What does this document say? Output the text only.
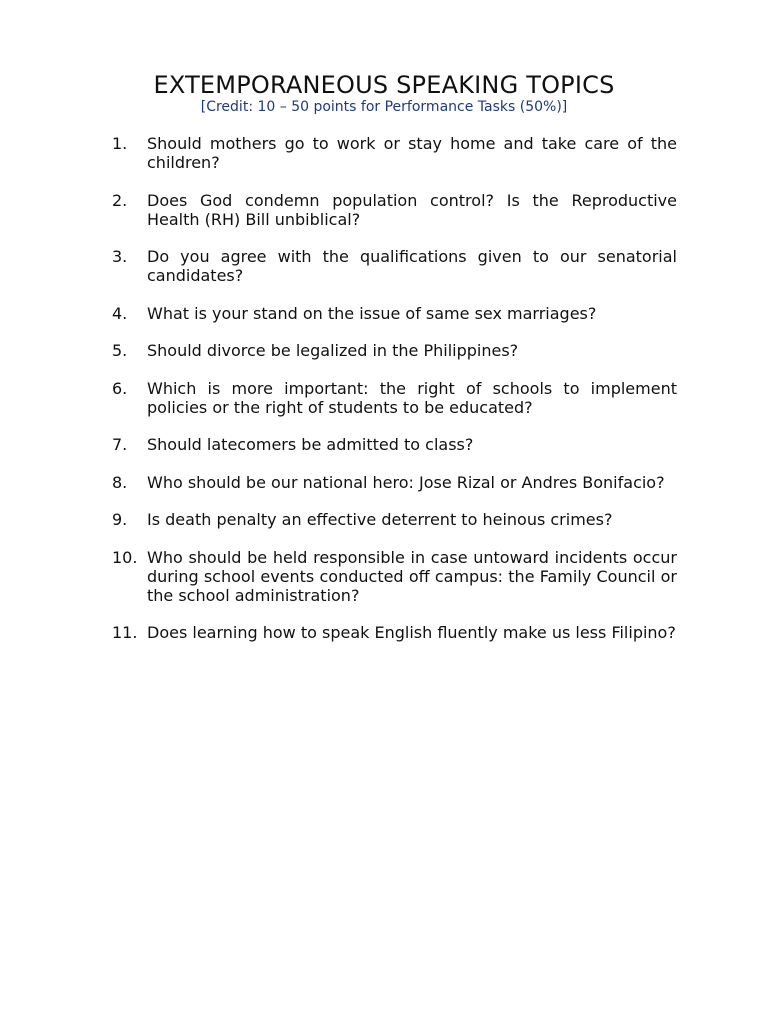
EXTEMPORANEOUS SPEAKING TOPICS
[Credit: 10 – 50 points for Performance Tasks (50%)]
1.	Should mothers go to work or stay home and take care of the children?
2.	Does God condemn population control? Is the Reproductive Health (RH) Bill unbiblical?
3.	Do you agree with the qualifications given to our senatorial candidates?
4.	What is your stand on the issue of same sex marriages?
5.	Should divorce be legalized in the Philippines?
6.	Which is more important: the right of schools to implement policies or the right of students to be educated?
7.	Should latecomers be admitted to class?
8.	Who should be our national hero: Jose Rizal or Andres Bonifacio?
9.	Is death penalty an effective deterrent to heinous crimes?
10. Who should be held responsible in case untoward incidents occur during school events conducted off campus: the Family Council or the school administration?
11. Does learning how to speak English fluently make us less Filipino?
